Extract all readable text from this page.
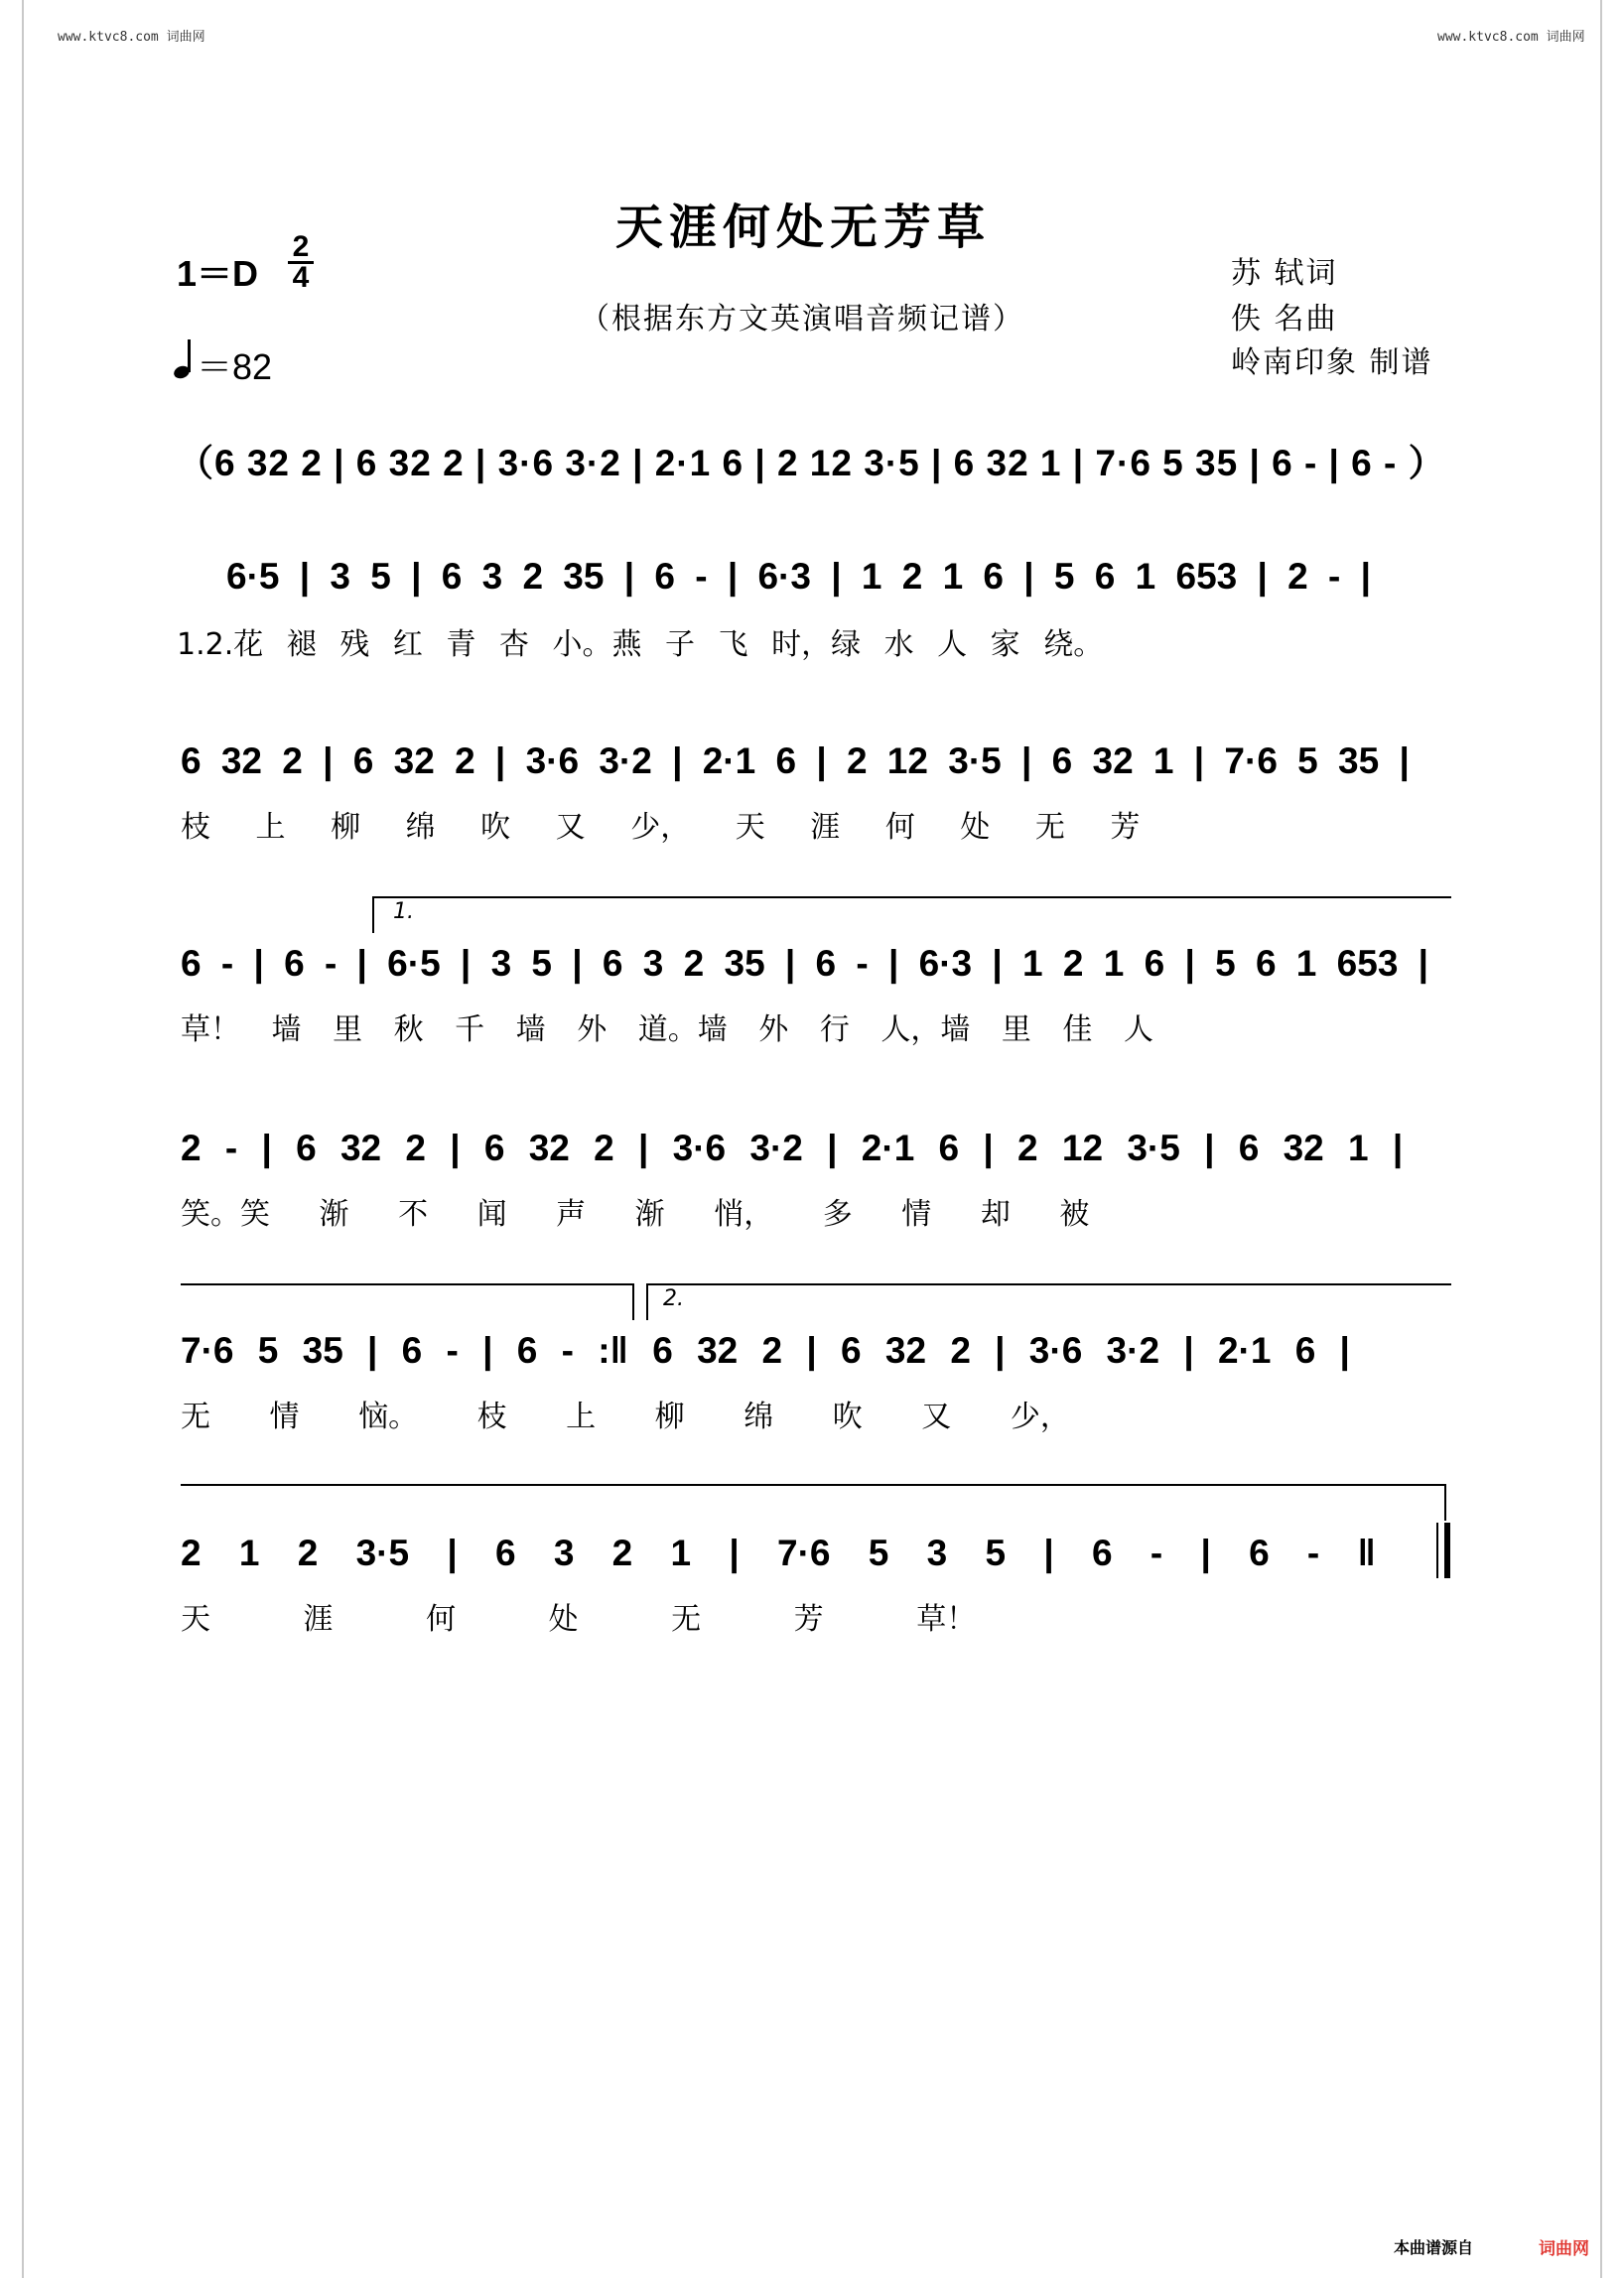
www.ktvc8.com 词曲网	www.ktvc8.com 词曲网
天涯何处无芳草
（根据东方文英演唱音频记谱）
1＝D
2
4
＝82
苏 轼词
佚 名曲
岭南印象 制谱
（6 32 2 | 6 32 2 | 3·6 3·2 | 2·1 6 | 2 12 3·5 | 6 32 1 | 7·6 5 35 | 6 - | 6 - ）
6·5 | 3 5 | 6 3 2 35 | 6 - | 6·3 | 1 2 1 6 | 5 6 1 653 | 2 - |
1.2.花 褪 残 红 青 杏 小。燕 子 飞 时，绿 水 人 家 绕。
6 32 2 | 6 32 2 | 3·6 3·2 | 2·1 6 | 2 12 3·5 | 6 32 1 | 7·6 5 35 |
枝 上 柳 绵 吹 又 少， 天 涯 何 处 无 芳
1.
6 - | 6 - | 6·5 | 3 5 | 6 3 2 35 | 6 - | 6·3 | 1 2 1 6 | 5 6 1 653 |
草！ 墙 里 秋 千 墙 外 道。墙 外 行 人，墙 里 佳 人
2 - | 6 32 2 | 6 32 2 | 3·6 3·2 | 2·1 6 | 2 12 3·5 | 6 32 1 |
笑。笑 渐 不 闻 声 渐 悄， 多 情 却 被
2.
7·6 5 35 | 6 - | 6 - :‖ 6 32 2 | 6 32 2 | 3·6 3·2 | 2·1 6 |
无 情 恼。 枝 上 柳 绵 吹 又 少，
2 1 2 3·5 | 6 3 2 1 | 7·6 5 3 5 | 6 - | 6 - ‖
天 涯 何 处 无 芳 草！
本曲谱源自	词曲网
